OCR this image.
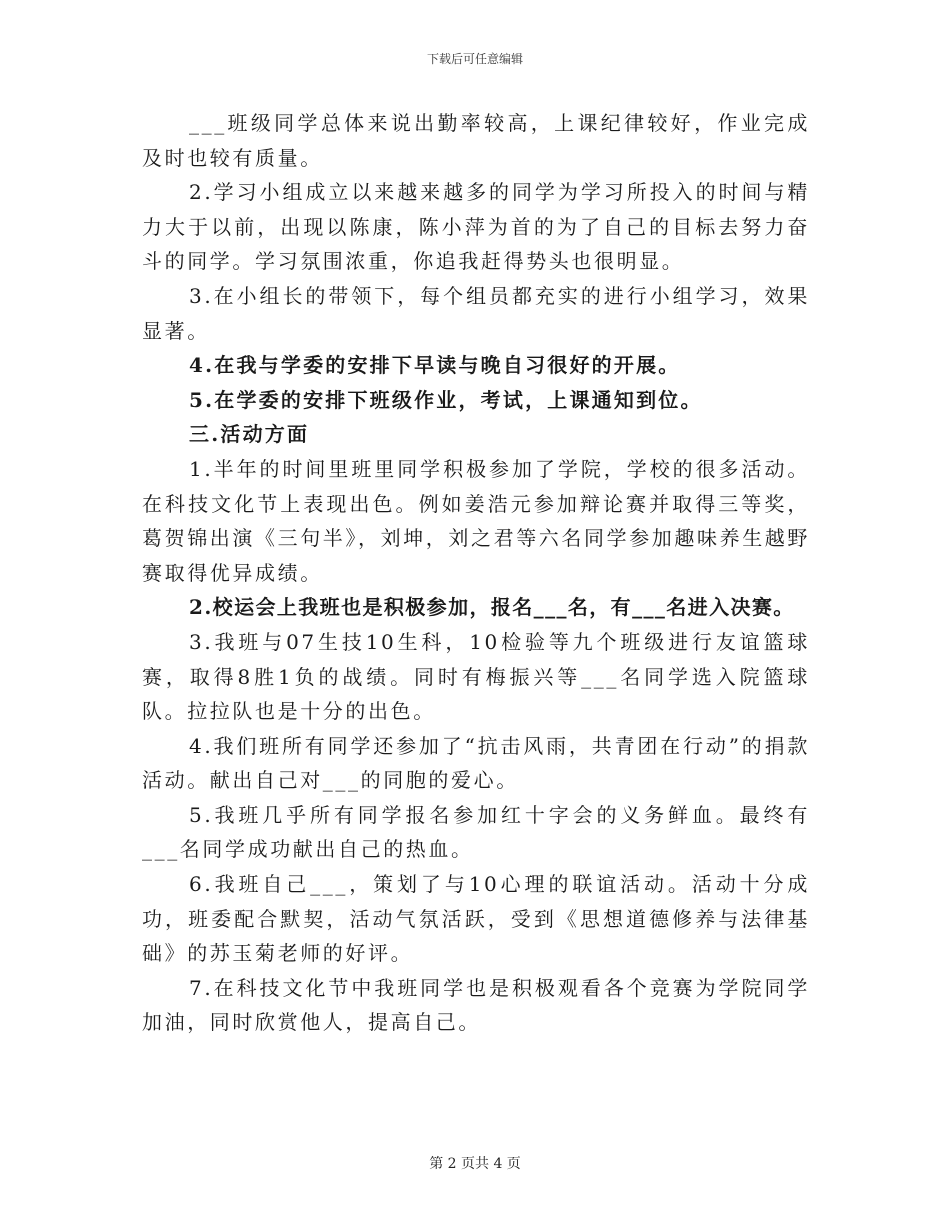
下载后可任意编辑

___班级同学总体来说出勤率较高，上课纪律较好，作业完成及时也较有质量。

2.学习小组成立以来越来越多的同学为学习所投入的时间与精力大于以前，出现以陈康，陈小萍为首的为了自己的目标去努力奋斗的同学。学习氛围浓重，你追我赶得势头也很明显。

3.在小组长的带领下，每个组员都充实的进行小组学习，效果显著。

4.在我与学委的安排下早读与晚自习很好的开展。

5.在学委的安排下班级作业，考试，上课通知到位。

三.活动方面

1.半年的时间里班里同学积极参加了学院，学校的很多活动。在科技文化节上表现出色。例如姜浩元参加辩论赛并取得三等奖，葛贺锦出演《三句半》，刘坤，刘之君等六名同学参加趣味养生越野赛取得优异成绩。

2.校运会上我班也是积极参加，报名___名，有___名进入决赛。

3.我班与07生技10生科，10检验等九个班级进行友谊篮球赛，取得8胜1负的战绩。同时有梅振兴等___名同学选入院篮球队。拉拉队也是十分的出色。

4.我们班所有同学还参加了“抗击风雨，共青团在行动”的捐款活动。献出自己对___的同胞的爱心。

5.我班几乎所有同学报名参加红十字会的义务鲜血。最终有___名同学成功献出自己的热血。

6.我班自己___，策划了与10心理的联谊活动。活动十分成功，班委配合默契，活动气氛活跃，受到《思想道德修养与法律基础》的苏玉菊老师的好评。

7.在科技文化节中我班同学也是积极观看各个竞赛为学院同学加油，同时欣赏他人，提高自己。

第 2 页共 4 页
